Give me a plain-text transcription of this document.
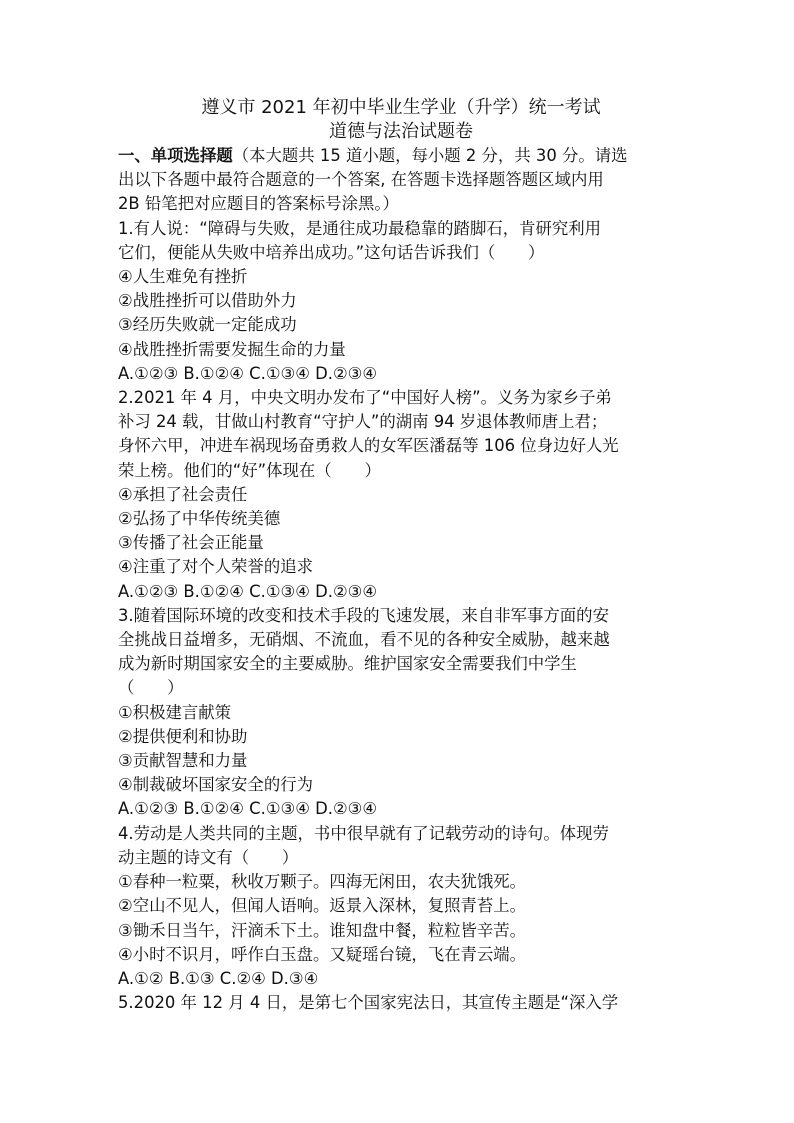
遵义市 2021 年初中毕业生学业（升学）统一考试
道德与法治试题卷

一、单项选择题（本大题共 15 道小题，每小题 2 分，共 30 分。请选

出以下各题中最符合题意的一个答案, 在答题卡选择题答题区域内用

2B 铅笔把对应题目的答案标号涂黑。）

1.有人说：“障碍与失败，是通往成功最稳靠的踏脚石，肯研究利用

它们，便能从失败中培养出成功。”这句话告诉我们（　　）

④人生难免有挫折

②战胜挫折可以借助外力

③经历失败就一定能成功

④战胜挫折需要发掘生命的力量

A.①②③ B.①②④ C.①③④ D.②③④

2.2021 年 4 月，中央文明办发布了“中国好人榜”。义务为家乡子弟

补习 24 载，甘做山村教育“守护人”的湖南 94 岁退体教师唐上君；

身怀六甲，冲进车祸现场奋勇救人的女军医潘磊等 106 位身边好人光

荣上榜。他们的“好”体现在（　　）

④承担了社会责任

②弘扬了中华传统美德

③传播了社会正能量

④注重了对个人荣誉的追求

A.①②③ B.①②④ C.①③④ D.②③④

3.随着国际环境的改变和技术手段的飞速发展，来自非军事方面的安

全挑战日益增多，无硝烟、不流血，看不见的各种安全威胁，越来越

成为新时期国家安全的主要威胁。维护国家安全需要我们中学生

（　　）

①积极建言献策

②提供便利和协助

③贡献智慧和力量

④制裁破坏国家安全的行为

A.①②③ B.①②④ C.①③④ D.②③④

4.劳动是人类共同的主题，书中很早就有了记载劳动的诗句。体现劳

动主题的诗文有（　　）

①春种一粒粟，秋收万颗子。四海无闲田，农夫犹饿死。

②空山不见人，但闻人语响。返景入深林，复照青苔上。

③锄禾日当午，汗滴禾下土。谁知盘中餐，粒粒皆辛苦。

④小时不识月，呼作白玉盘。又疑瑶台镜，飞在青云端。

A.①② B.①③ C.②④ D.③④

5.2020 年 12 月 4 日，是第七个国家宪法日，其宣传主题是“深入学
